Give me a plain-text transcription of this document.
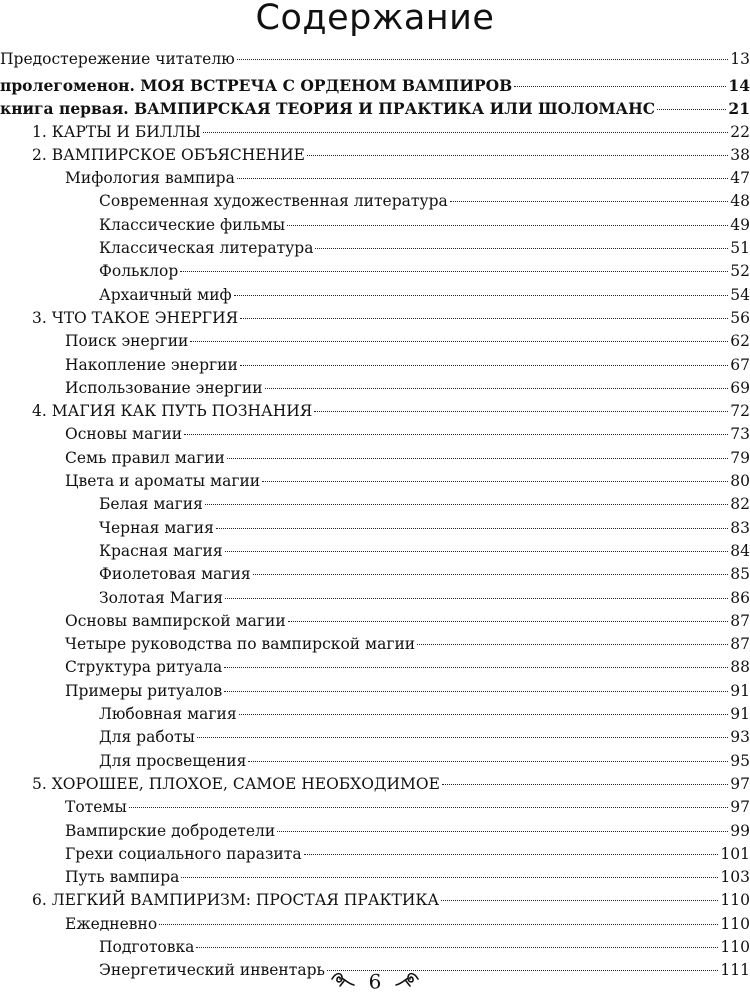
Содержание
Предостережение читателю	13
пролегоменон. МОЯ ВСТРЕЧА С ОРДЕНОМ ВАМПИРОВ	14
книга первая. ВАМПИРСКАЯ ТЕОРИЯ И ПРАКТИКА ИЛИ ШОЛОМАНС	21
1. КАРТЫ И БИЛЛЫ	22
2. ВАМПИРСКОЕ ОБЪЯСНЕНИЕ	38
Мифология вампира	47
Современная художественная литература	48
Классические фильмы	49
Классическая литература	51
Фольклор	52
Архаичный миф	54
3. ЧТО ТАКОЕ ЭНЕРГИЯ	56
Поиск энергии	62
Накопление энергии	67
Использование энергии	69
4. МАГИЯ КАК ПУТЬ ПОЗНАНИЯ	72
Основы магии	73
Семь правил магии	79
Цвета и ароматы магии	80
Белая магия	82
Черная магия	83
Красная магия	84
Фиолетовая магия	85
Золотая Магия	86
Основы вампирской магии	87
Четыре руководства по вампирской магии	87
Структура ритуала	88
Примеры ритуалов	91
Любовная магия	91
Для работы	93
Для просвещения	95
5. ХОРОШЕЕ, ПЛОХОЕ, САМОЕ НЕОБХОДИМОЕ	97
Тотемы	97
Вампирские добродетели	99
Грехи социального паразита	101
Путь вампира	103
6. ЛЕГКИЙ ВАМПИРИЗМ: ПРОСТАЯ ПРАКТИКА	110
Ежедневно	110
Подготовка	110
Энергетический инвентарь	111
6
